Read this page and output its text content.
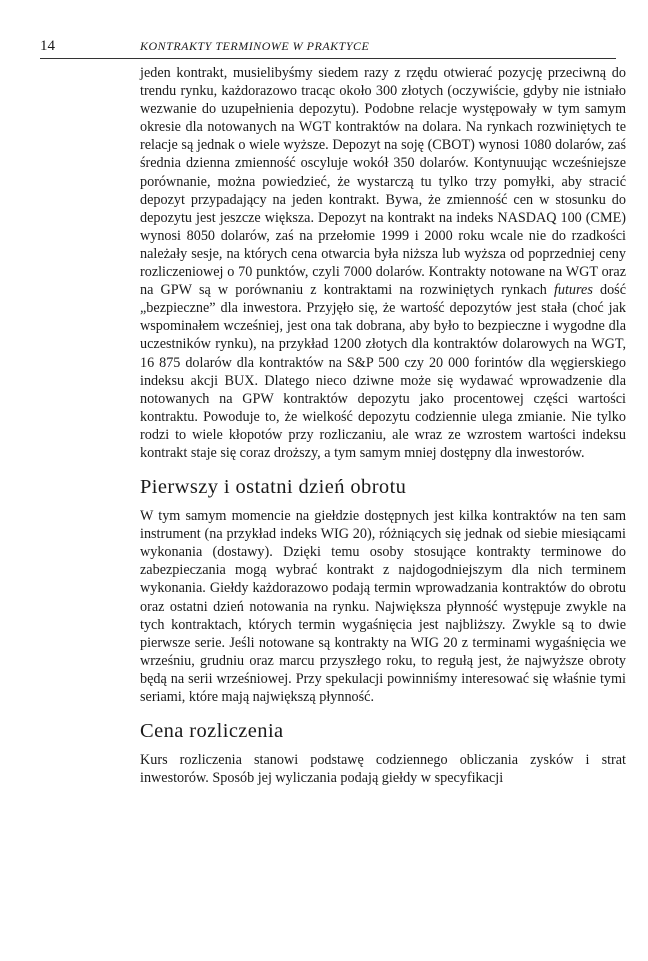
14	KONTRAKTY TERMINOWE W PRAKTYCE

jeden kontrakt, musielibyśmy siedem razy z rzędu otwierać pozycję przeciwną do trendu rynku, każdorazowo tracąc około 300 złotych (oczywiście, gdyby nie istniało wezwanie do uzupełnienia depozytu). Podobne relacje występowały w tym samym okresie dla notowanych na WGT kontraktów na dolara. Na rynkach rozwiniętych te relacje są jednak o wiele wyższe. Depozyt na soję (CBOT) wynosi 1080 dolarów, zaś średnia dzienna zmienność oscyluje wokół 350 dolarów. Kontynuując wcześniejsze porównanie, można powiedzieć, że wystarczą tu tylko trzy pomyłki, aby stracić depozyt przypadający na jeden kontrakt. Bywa, że zmienność cen w stosunku do depozytu jest jeszcze większa. Depozyt na kontrakt na indeks NASDAQ 100 (CME) wynosi 8050 dolarów, zaś na przełomie 1999 i 2000 roku wcale nie do rzadkości należały sesje, na których cena otwarcia była niższa lub wyższa od poprzedniej ceny rozliczeniowej o 70 punktów, czyli 7000 dolarów. Kontrakty notowane na WGT oraz na GPW są w porównaniu z kontraktami na rozwiniętych rynkach futures dość „bezpieczne” dla inwestora. Przyjęło się, że wartość depozytów jest stała (choć jak wspominałem wcześniej, jest ona tak dobrana, aby było to bezpieczne i wygodne dla uczestników rynku), na przykład 1200 złotych dla kontraktów dolarowych na WGT, 16 875 dolarów dla kontraktów na S&P 500 czy 20 000 forintów dla węgierskiego indeksu akcji BUX. Dlatego nieco dziwne może się wydawać wprowadzenie dla notowanych na GPW kontraktów depozytu jako procentowej części wartości kontraktu. Powoduje to, że wielkość depozytu codziennie ulega zmianie. Nie tylko rodzi to wiele kłopotów przy rozliczaniu, ale wraz ze wzrostem wartości indeksu kontrakt staje się coraz droższy, a tym samym mniej dostępny dla inwestorów.

Pierwszy i ostatni dzień obrotu

W tym samym momencie na giełdzie dostępnych jest kilka kontraktów na ten sam instrument (na przykład indeks WIG 20), różniących się jednak od siebie miesiącami wykonania (dostawy). Dzięki temu osoby stosujące kontrakty terminowe do zabezpieczania mogą wybrać kontrakt z najdogodniejszym dla nich terminem wykonania. Giełdy każdorazowo podają termin wprowadzania kontraktów do obrotu oraz ostatni dzień notowania na rynku. Największa płynność występuje zwykle na tych kontraktach, których termin wygaśnięcia jest najbliższy. Zwykle są to dwie pierwsze serie. Jeśli notowane są kontrakty na WIG 20 z terminami wygaśnięcia we wrześniu, grudniu oraz marcu przyszłego roku, to regułą jest, że najwyższe obroty będą na serii wrześniowej. Przy spekulacji powinniśmy interesować się właśnie tymi seriami, które mają największą płynność.

Cena rozliczenia

Kurs rozliczenia stanowi podstawę codziennego obliczania zysków i strat inwestorów. Sposób jej wyliczania podają giełdy w specyfikacji
